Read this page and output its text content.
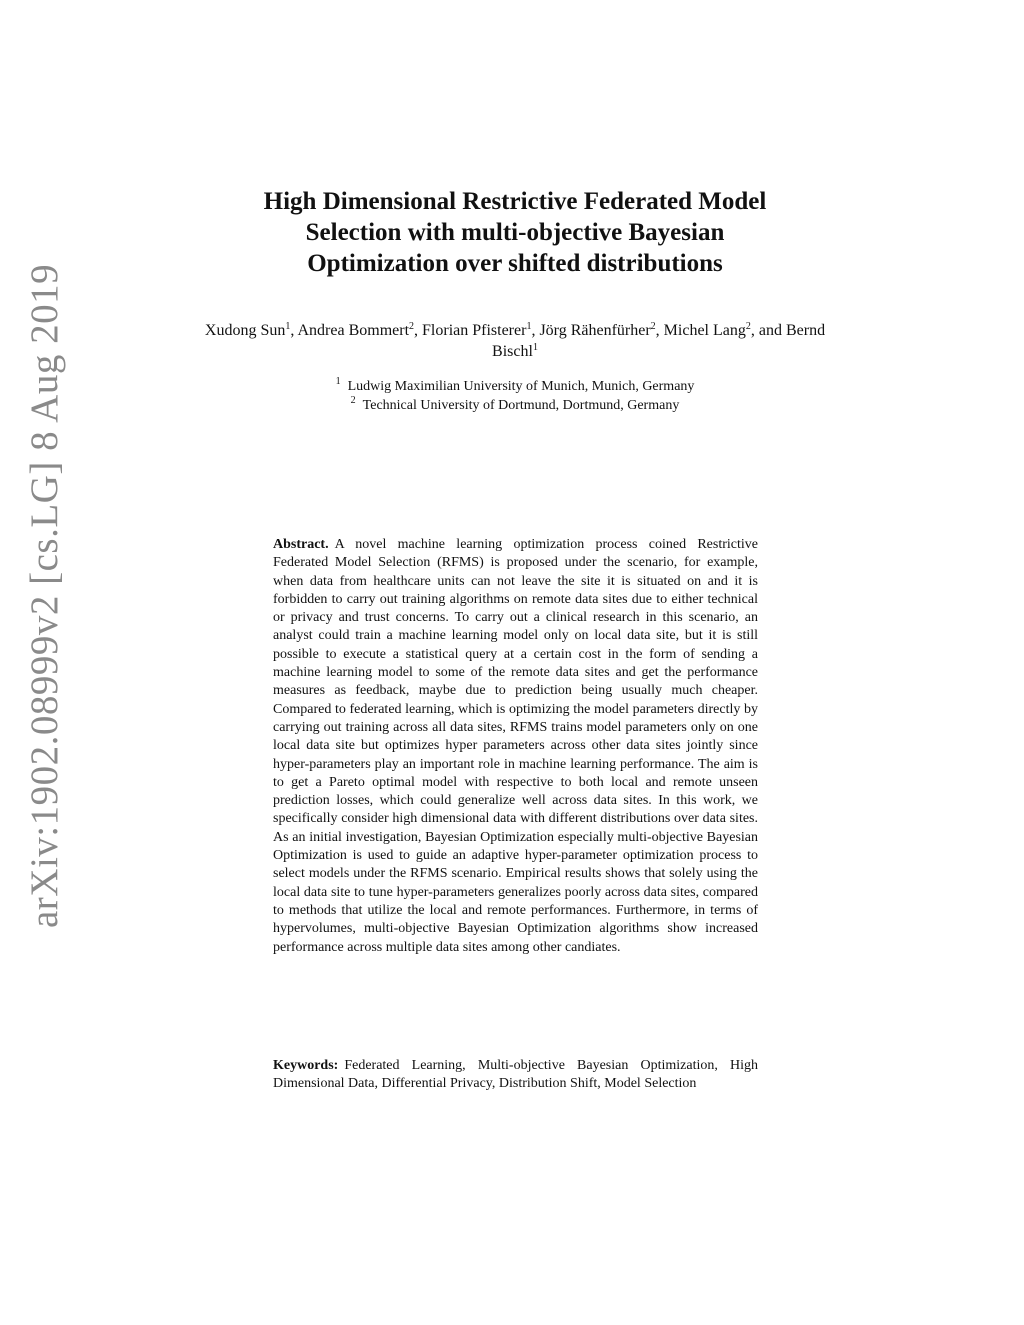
arXiv:1902.08999v2 [cs.LG] 8 Aug 2019
High Dimensional Restrictive Federated Model
Selection with multi-objective Bayesian
Optimization over shifted distributions
Xudong Sun$^1$, Andrea Bommert$^2$, Florian Pfisterer$^1$, Jörg Rähenfürher$^2$, Michel Lang$^2$, and Bernd Bischl$^1$
$^1$ Ludwig Maximilian University of Munich, Munich, Germany
$^2$ Technical University of Dortmund, Dortmund, Germany
Abstract. A novel machine learning optimization process coined Restrictive Federated Model Selection (RFMS) is proposed under the scenario, for example, when data from healthcare units can not leave the site it is situated on and it is forbidden to carry out training algorithms on remote data sites due to either technical or privacy and trust concerns. To carry out a clinical research in this scenario, an analyst could train a machine learning model only on local data site, but it is still possible to execute a statistical query at a certain cost in the form of sending a machine learning model to some of the remote data sites and get the performance measures as feedback, maybe due to prediction being usually much cheaper. Compared to federated learning, which is optimizing the model parameters directly by carrying out training across all data sites, RFMS trains model parameters only on one local data site but optimizes hyper parameters across other data sites jointly since hyper-parameters play an important role in machine learning performance. The aim is to get a Pareto optimal model with respective to both local and remote unseen prediction losses, which could generalize well across data sites. In this work, we specifically consider high dimensional data with different distributions over data sites. As an initial investigation, Bayesian Optimization especially multi-objective Bayesian Optimization is used to guide an adaptive hyper-parameter optimization process to select models under the RFMS scenario. Empirical results shows that solely using the local data site to tune hyper-parameters generalizes poorly across data sites, compared to methods that utilize the local and remote performances. Furthermore, in terms of hypervolumes, multi-objective Bayesian Optimization algorithms show increased performance across multiple data sites among other candiates.
Keywords: Federated Learning, Multi-objective Bayesian Optimization, High Dimensional Data, Differential Privacy, Distribution Shift, Model Selection
